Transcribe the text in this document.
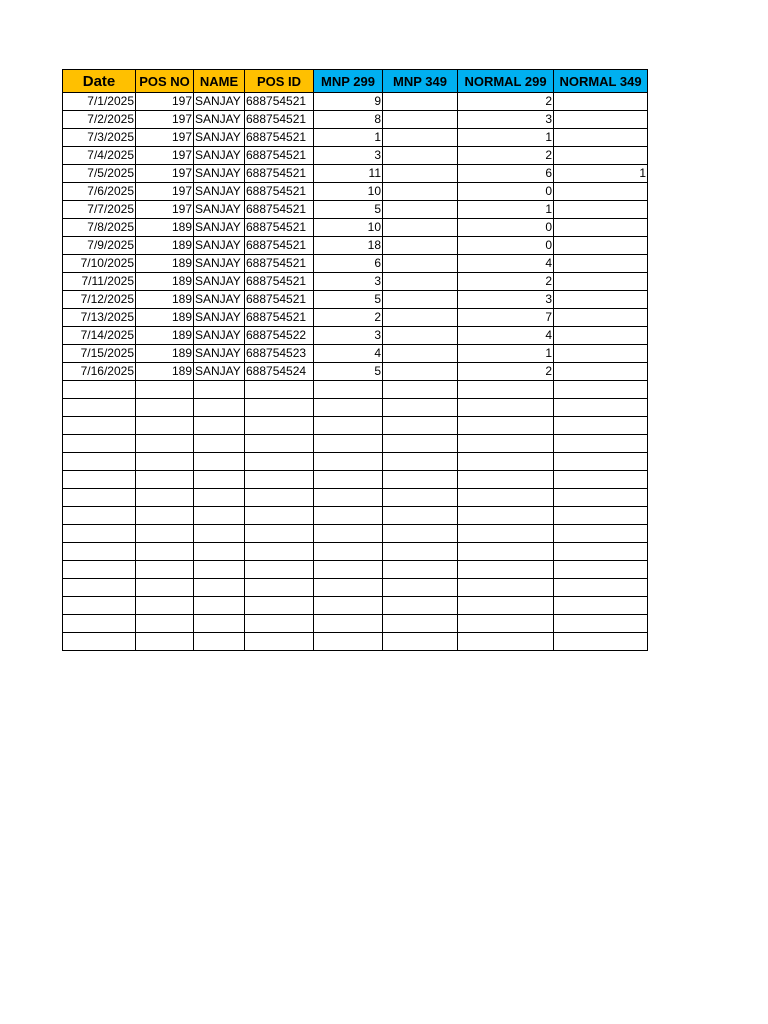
Date	POS NO	NAME	POS ID	MNP 299	MNP 349	NORMAL 299	NORMAL 349
7/1/2025	197	SANJAY	688754521	9		2	
7/2/2025	197	SANJAY	688754521	8		3	
7/3/2025	197	SANJAY	688754521	1		1	
7/4/2025	197	SANJAY	688754521	3		2	
7/5/2025	197	SANJAY	688754521	11		6	1
7/6/2025	197	SANJAY	688754521	10		0	
7/7/2025	197	SANJAY	688754521	5		1	
7/8/2025	189	SANJAY	688754521	10		0	
7/9/2025	189	SANJAY	688754521	18		0	
7/10/2025	189	SANJAY	688754521	6		4	
7/11/2025	189	SANJAY	688754521	3		2	
7/12/2025	189	SANJAY	688754521	5		3	
7/13/2025	189	SANJAY	688754521	2		7	
7/14/2025	189	SANJAY	688754522	3		4	
7/15/2025	189	SANJAY	688754523	4		1	
7/16/2025	189	SANJAY	688754524	5		2	
